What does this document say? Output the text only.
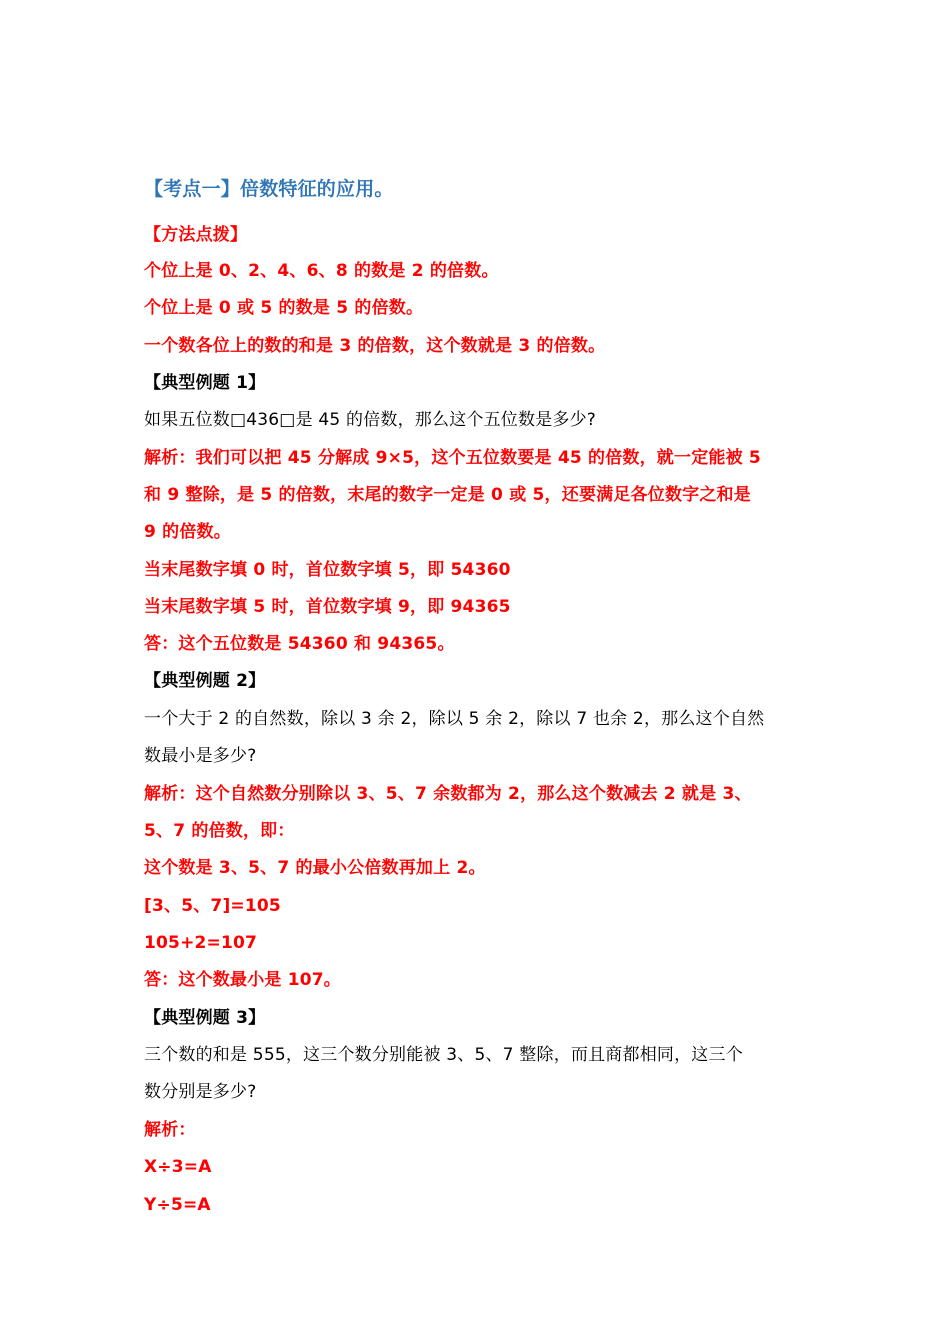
【考点一】倍数特征的应用。
【方法点拨】
个位上是 0、2、4、6、8 的数是 2 的倍数。
个位上是 0 或 5 的数是 5 的倍数。
一个数各位上的数的和是 3 的倍数，这个数就是 3 的倍数。
【典型例题 1】
如果五位数□436□是 45 的倍数，那么这个五位数是多少?
解析：我们可以把 45 分解成 9×5，这个五位数要是 45 的倍数，就一定能被 5
和 9 整除，是 5 的倍数，末尾的数字一定是 0 或 5，还要满足各位数字之和是
9 的倍数。
当末尾数字填 0 时，首位数字填 5，即 54360
当末尾数字填 5 时，首位数字填 9，即 94365
答：这个五位数是 54360 和 94365。
【典型例题 2】
一个大于 2 的自然数，除以 3 余 2，除以 5 余 2，除以 7 也余 2，那么这个自然
数最小是多少?
解析：这个自然数分别除以 3、5、7 余数都为 2，那么这个数减去 2 就是 3、
5、7 的倍数，即：
这个数是 3、5、7 的最小公倍数再加上 2。
[3、5、7]=105
105+2=107
答：这个数最小是 107。
【典型例题 3】
三个数的和是 555，这三个数分别能被 3、5、7 整除，而且商都相同，这三个
数分别是多少?
解析：
X÷3=A
Y÷5=A
